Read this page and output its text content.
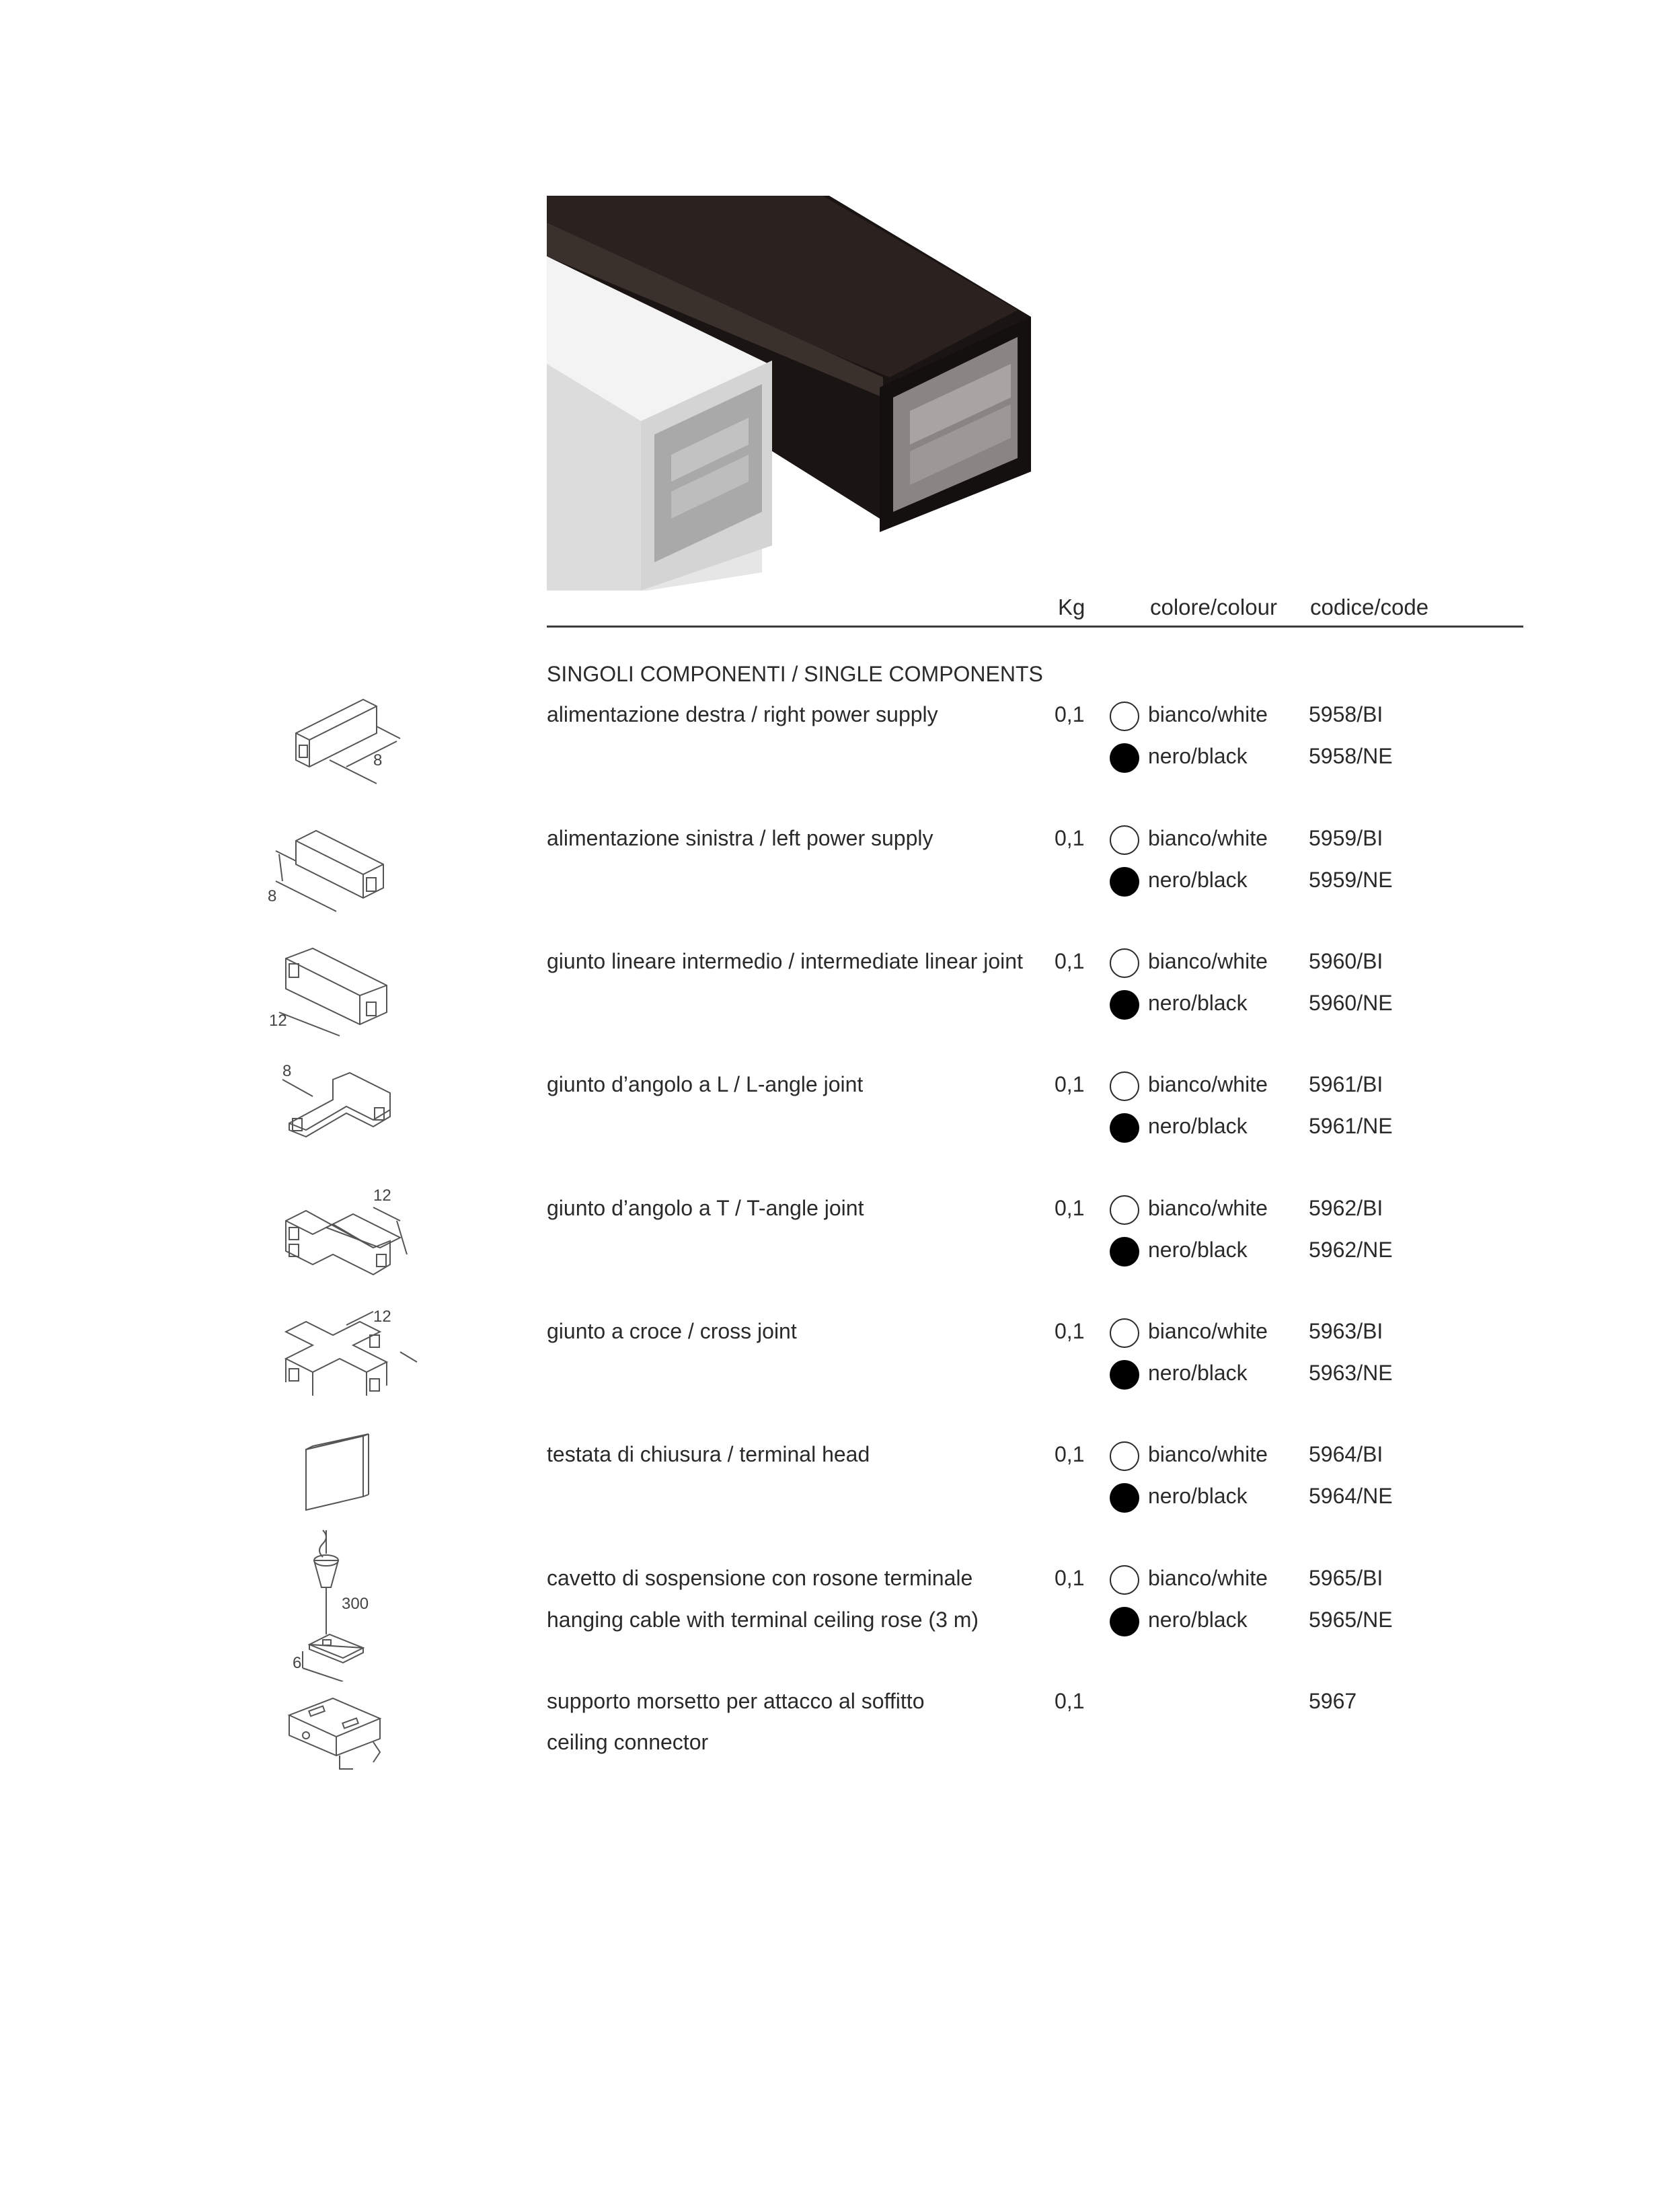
Kg	colore/colour codice/code
SINGOLI COMPONENTI / SINGLE COMPONENTS
alimentazione destra / right power supply	0,1	bianco/white 5958/BI
nero/black	5958/NE
alimentazione sinistra / left power supply	0,1	bianco/white 5959/BI
nero/black	5959/NE
giunto lineare intermedio / intermediate linear joint 0,1	bianco/white 5960/BI
nero/black	5960/NE
giunto d’angolo a L / L-angle joint	0,1	bianco/white 5961/BI
nero/black	5961/NE
giunto d’angolo a T / T-angle joint	0,1	bianco/white 5962/BI
nero/black	5962/NE
giunto a croce / cross joint	0,1	bianco/white 5963/BI
nero/black	5963/NE
testata di chiusura / terminal head	0,1	bianco/white 5964/BI
nero/black	5964/NE
cavetto di sospensione con rosone terminale
hanging cable with terminal ceiling rose (3 m)
0,1	bianco/white 5965/BI
nero/black	5965/NE
supporto morsetto per attacco al soffitto
ceiling connector
0,1	5967
8
8
12
8
12
12
300
6
